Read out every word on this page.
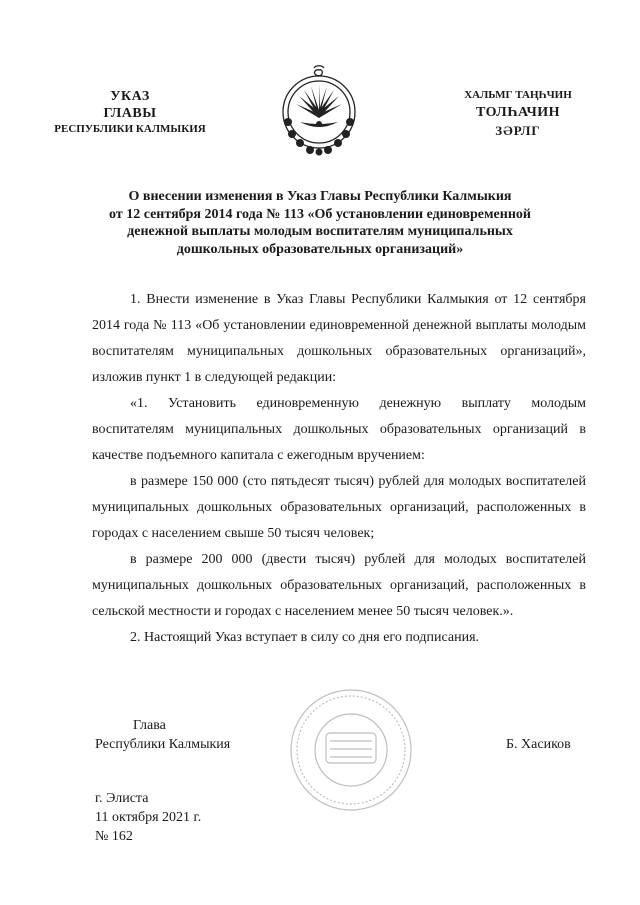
УКАЗ
ГЛАВЫ
РЕСПУБЛИКИ КАЛМЫКИЯ
ХАЛЬМГ ТАҢҺЧИН
ТОЛҺАЧИН
ЗӘРЛГ
О внесении изменения в Указ Главы Республики Калмыкия
от 12 сентября 2014 года № 113 «Об установлении единовременной
денежной выплаты молодым воспитателям муниципальных
дошкольных образовательных организаций»

1. Внести изменение в Указ Главы Республики Калмыкия от 12 сентября 2014 года № 113 «Об установлении единовременной денежной выплаты молодым воспитателям муниципальных дошкольных образовательных организаций», изложив пункт 1 в следующей редакции:

«1. Установить единовременную денежную выплату молодым воспитателям муниципальных дошкольных образовательных организаций в качестве подъемного капитала с ежегодным вручением:

в размере 150 000 (сто пятьдесят тысяч) рублей для молодых воспитателей муниципальных дошкольных образовательных организаций, расположенных в городах с населением свыше 50 тысяч человек;

в размере 200 000 (двести тысяч) рублей для молодых воспитателей муниципальных дошкольных образовательных организаций, расположенных в сельской местности и городах с населением менее 50 тысяч человек.».

2. Настоящий Указ вступает в силу со дня его подписания.

Глава
Республики Калмыкия	Б. Хасиков
г. Элиста
11 октября 2021 г.
№ 162
